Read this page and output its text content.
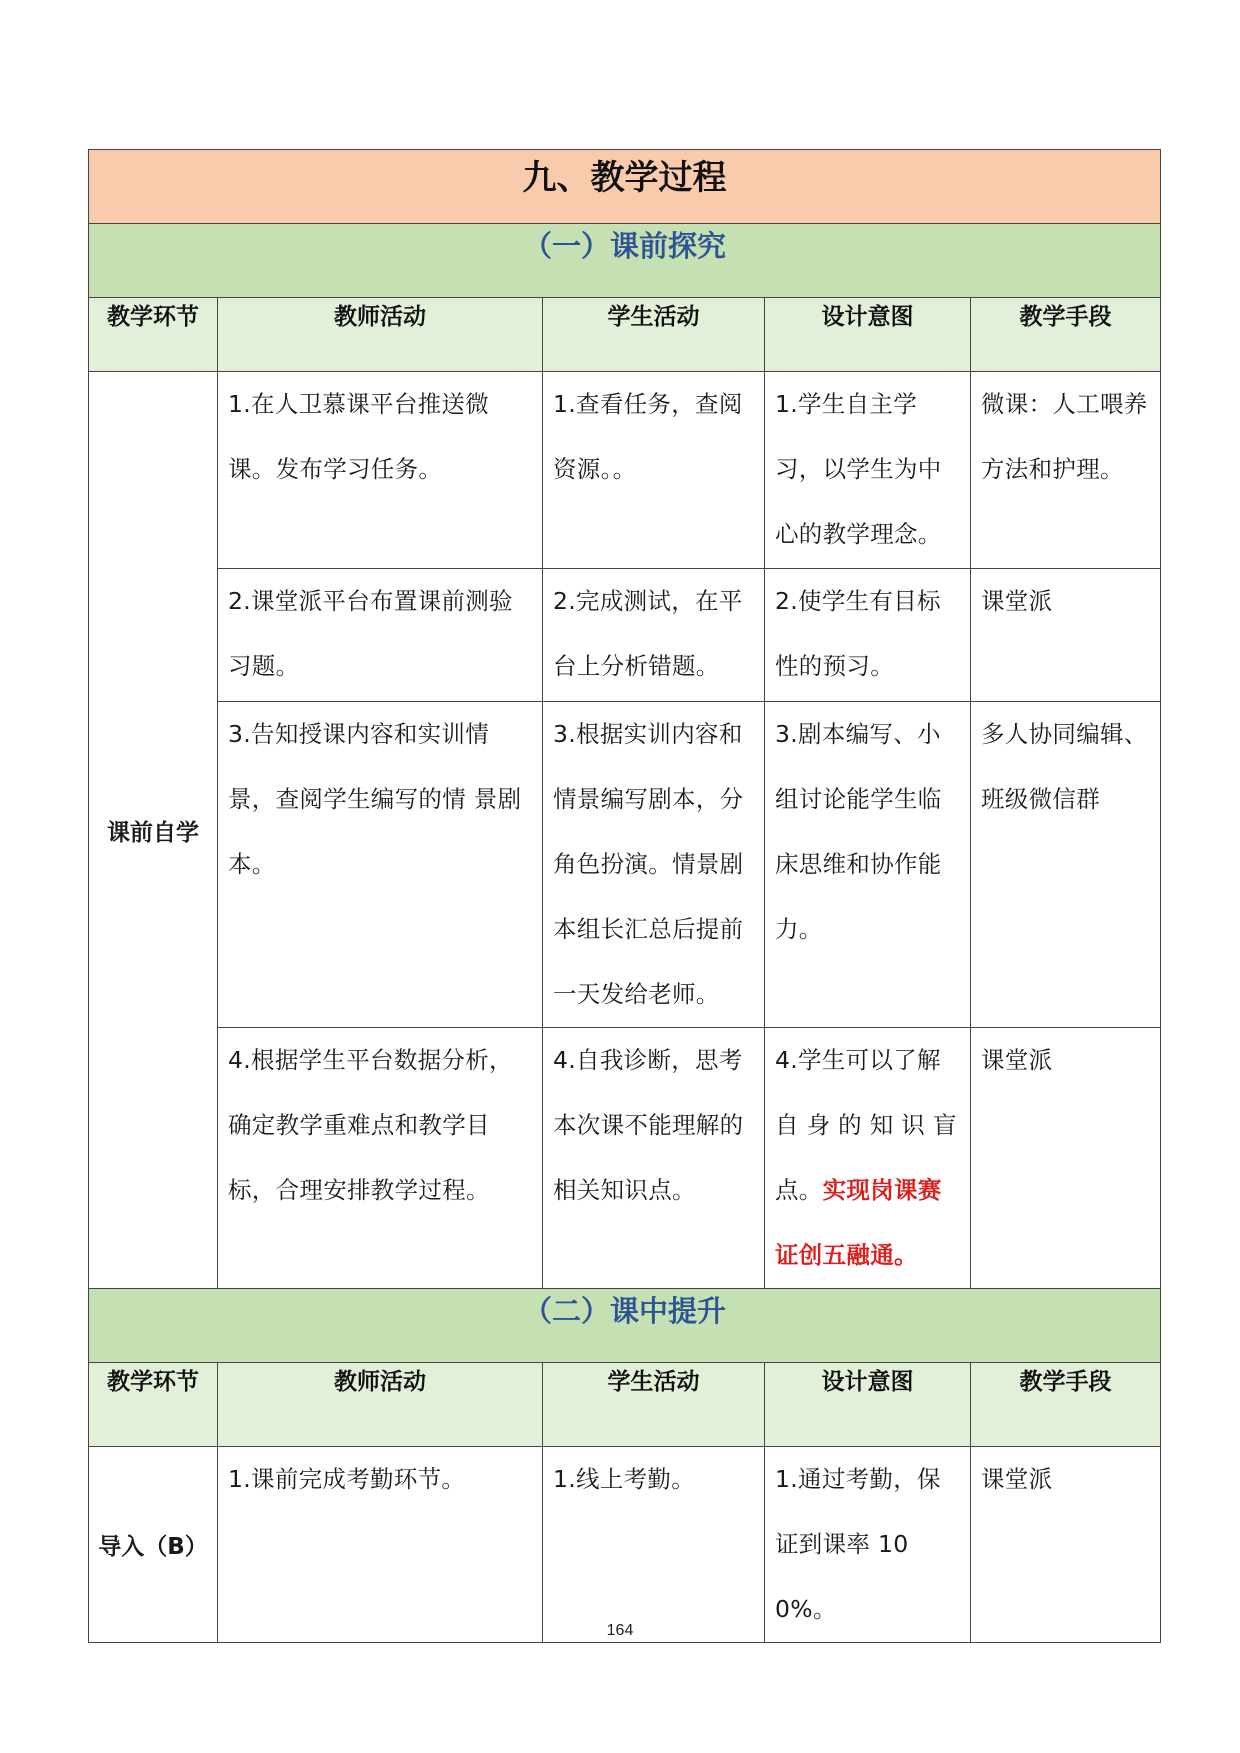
九、教学过程				
（一）课前探究				
教学环节	教师活动	学生活动	设计意图	教学手段
课前自学	1.在人卫慕课平台推送微课。发布学习任务。	1.查看任务，查阅资源。。	1.学生自主学习，以学生为中心的教学理念。	微课：人工喂养方法和护理。

	2.课堂派平台布置课前测验习题。	2.完成测试，在平台上分析错题。	2.使学生有目标性的预习。	课堂派

	3.告知授课内容和实训情景，查阅学生编写的情 景剧本。	3.根据实训内容和情景编写剧本，分角色扮演。情景剧本组长汇总后提前一天发给老师。	3.剧本编写、小组讨论能学生临床思维和协作能力。	多人协同编辑、班级微信群

	4.根据学生平台数据分析，确定教学重难点和教学目标，合理安排教学过程。	4.自我诊断，思考本次课不能理解的相关知识点。	4.学生可以了解自 身 的 知 识 盲点。实现岗课赛证创五融通。	课堂派

（二）课中提升				
教学环节	教师活动	学生活动	设计意图	教学手段
导入（B）	1.课前完成考勤环节。	1.线上考勤。	1.通过考勤，保证到课率 100%。	课堂派
164
